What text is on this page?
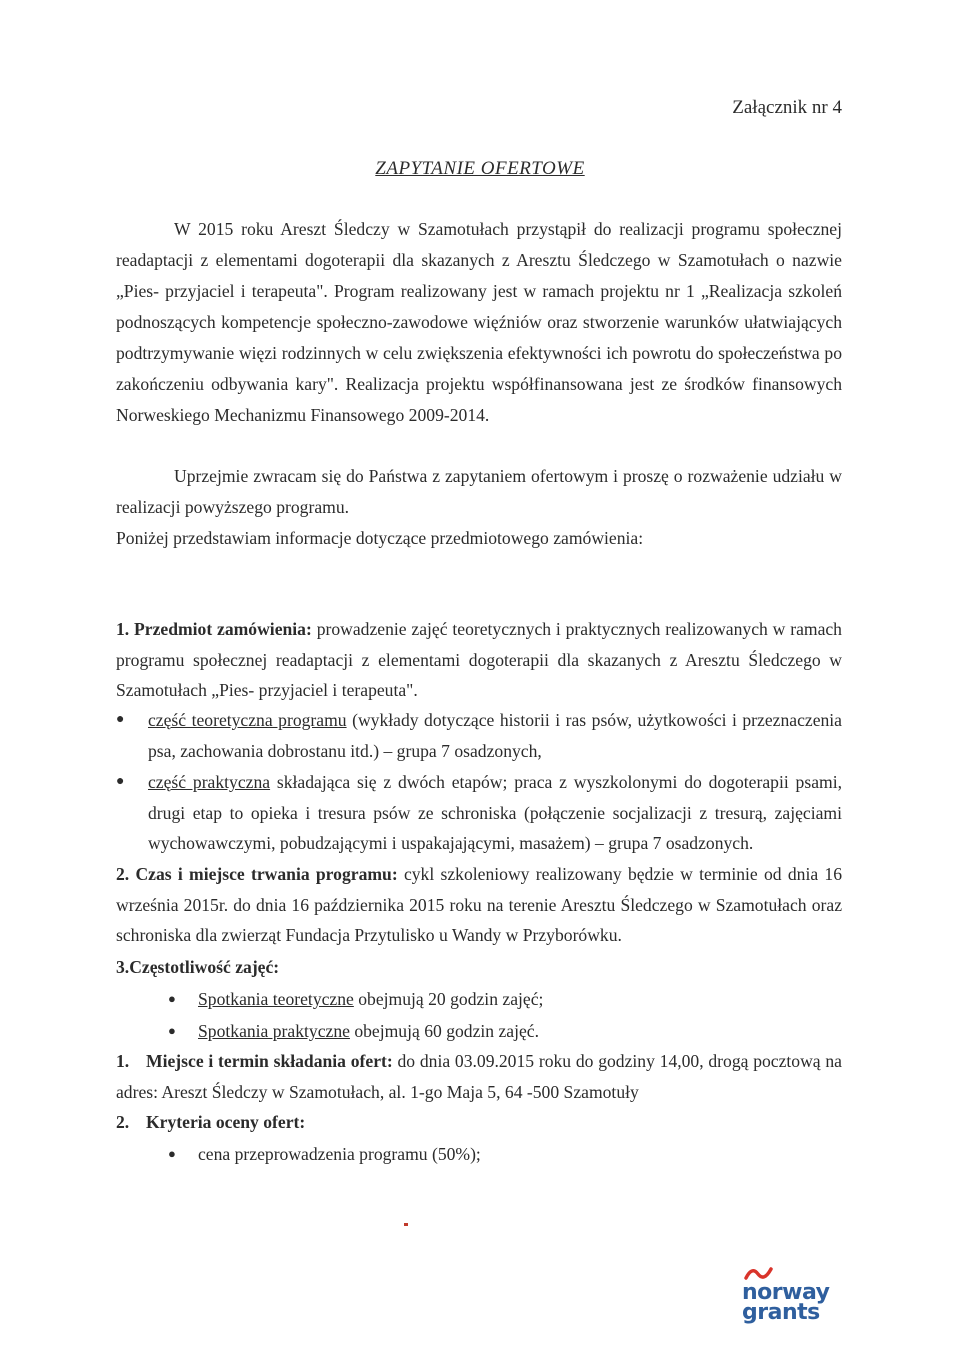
Załącznik nr 4
ZAPYTANIE OFERTOWE
W 2015 roku Areszt Śledczy w Szamotułach przystąpił do realizacji programu społecznej readaptacji z elementami dogoterapii dla skazanych z Aresztu Śledczego w Szamotułach o nazwie „Pies- przyjaciel i terapeuta". Program realizowany jest w ramach projektu nr 1 „Realizacja szkoleń podnoszących kompetencje społeczno-zawodowe więźniów oraz stworzenie warunków ułatwiających podtrzymywanie więzi rodzinnych w celu zwiększenia efektywności ich powrotu do społeczeństwa po zakończeniu odbywania kary". Realizacja projektu współfinansowana jest ze środków finansowych Norweskiego Mechanizmu Finansowego 2009-2014.
Uprzejmie zwracam się do Państwa z zapytaniem ofertowym i proszę o rozważenie udziału w realizacji powyższego programu.
Poniżej przedstawiam informacje dotyczące przedmiotowego zamówienia:
1. Przedmiot zamówienia: prowadzenie zajęć teoretycznych i praktycznych realizowanych w ramach programu społecznej readaptacji z elementami dogoterapii dla skazanych z Aresztu Śledczego w Szamotułach „Pies- przyjaciel i terapeuta".
● część teoretyczna programu (wykłady dotyczące historii i ras psów, użytkowości i przeznaczenia psa, zachowania dobrostanu itd.) – grupa 7 osadzonych,
● część praktyczna składająca się z dwóch etapów; praca z wyszkolonymi do dogoterapii psami, drugi etap to opieka i tresura psów ze schroniska (połączenie socjalizacji z tresurą, zajęciami wychowawczymi, pobudzającymi i uspakajającymi, masażem) – grupa 7 osadzonych.
2. Czas i miejsce trwania programu: cykl szkoleniowy realizowany będzie w terminie od dnia 16 września 2015r. do dnia 16 października 2015 roku na terenie Aresztu Śledczego w Szamotułach oraz schroniska dla zwierząt Fundacja Przytulisko u Wandy w Przyborówku.
3.Częstotliwość zajęć:
● Spotkania teoretyczne obejmują 20 godzin zajęć;
● Spotkania praktyczne obejmują 60 godzin zajęć.
1. Miejsce i termin składania ofert: do dnia 03.09.2015 roku do godziny 14,00, drogą pocztową na adres: Areszt Śledczy w Szamotułach, al. 1-go Maja 5, 64 -500 Szamotuły
2. Kryteria oceny ofert:
● cena przeprowadzenia programu (50%);
norway
grants
